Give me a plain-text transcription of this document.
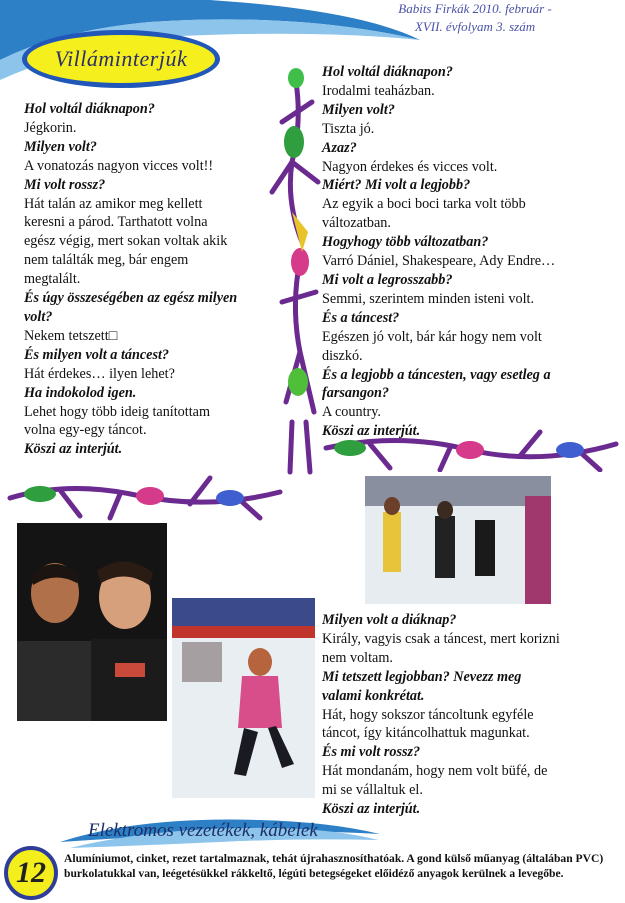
Babits Firkák 2010. február -
XVII. évfolyam 3. szám
Villáminterjúk
Hol voltál diáknapon?
Jégkorin.
Milyen volt?
A vonatozás nagyon vicces volt!!
Mi volt rossz?
Hát talán az amikor meg kellett
keresni a párod. Tarthatott volna
egész végig, mert sokan voltak akik
nem találták meg, bár engem
megtalált.
És úgy összeségében az egész milyen
volt?
Nekem tetszett□
És milyen volt a táncest?
Hát érdekes… ilyen lehet?
Ha indokolod igen.
Lehet hogy több ideig tanítottam
volna egy-egy táncot.
Köszi az interjút.
Hol voltál diáknapon?
Irodalmi teaházban.
Milyen volt?
Tiszta jó.
Azaz?
Nagyon érdekes és vicces volt.
Miért? Mi volt a legjobb?
Az egyik a boci boci tarka volt több
változatban.
Hogyhogy több változatban?
Varró Dániel, Shakespeare, Ady Endre…
Mi volt a legrosszabb?
Semmi, szerintem minden isteni volt.
És a táncest?
Egészen jó volt, bár kár hogy nem volt
diszkó.
És a legjobb a táncesten, vagy esetleg a
farsangon?
A country.
Köszi az interjút.
Milyen volt a diáknap?
Király, vagyis csak a táncest, mert korizni
nem voltam.
Mi tetszett legjobban? Nevezz meg
valami konkrétat.
Hát, hogy sokszor táncoltunk egyféle
táncot, így kitáncolhattuk magunkat.
És mi volt rossz?
Hát mondanám, hogy nem volt büfé, de
mi se vállaltuk el.
Köszi az interjút.
Elektromos vezetékek, kábelek
12 Alumíniumot, cinket, rezet tartalmaznak, tehát újrahasznosíthatóak. A gond külső műanyag (általában PVC) burkolatukkal van, leégetésükkel rákkeltő, légúti betegségeket előidéző anyagok kerülnek a levegőbe.
